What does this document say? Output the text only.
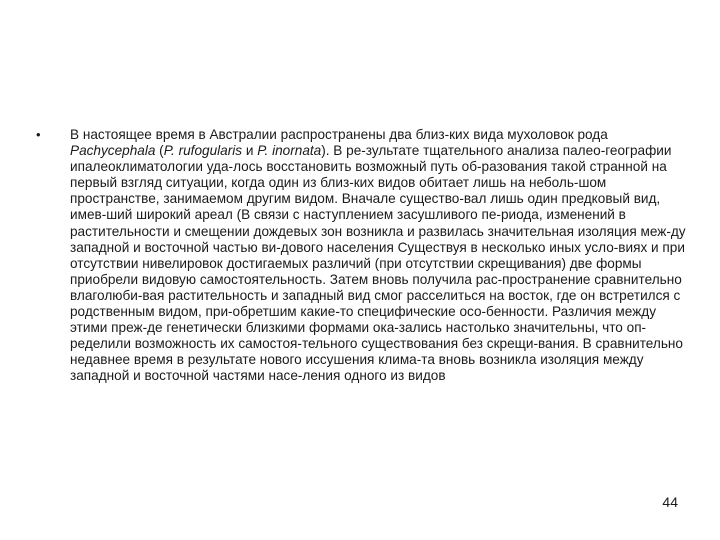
• В настоящее время в Австралии распространены два близ-ких вида мухоловок рода Pachycephala (P. rufogularis и P. inornata). В ре-зультате тщательного анализа палео-географии ипалеоклиматологии уда-лось восстановить возможный путь об-разования такой странной на первый взгляд ситуации, когда один из близ-ких видов обитает лишь на неболь-шом пространстве, занимаемом другим видом. Вначале существо-вал лишь один предковый вид, имев-ший широкий ареал (В связи с наступлением засушливого пе-риода, изменений в растительности и смещении дождевых зон возникла и развилась значительная изоляция меж-ду западной и восточной частью ви-дового населения Существуя в несколько иных усло-виях и при отсутствии нивелировок достигаемых различий (при отсутствии скрещивания) две формы приобрели видовую самостоятельность. Затем вновь получила рас-пространение сравнительно влаголюби-вая растительность и западный вид смог расселиться на восток, где он встретился с родственным видом, при-обретшим какие-то специфические осо-бенности. Различия между этими преж-де генетически близкими формами ока-зались настолько значительны, что оп-ределили возможность их самостоя-тельного существования без скрещи-вания. В сравнительно недавнее время в результате нового иссушения клима-та вновь возникла изоляция между западной и восточной частями насе-ления одного из видов

44
